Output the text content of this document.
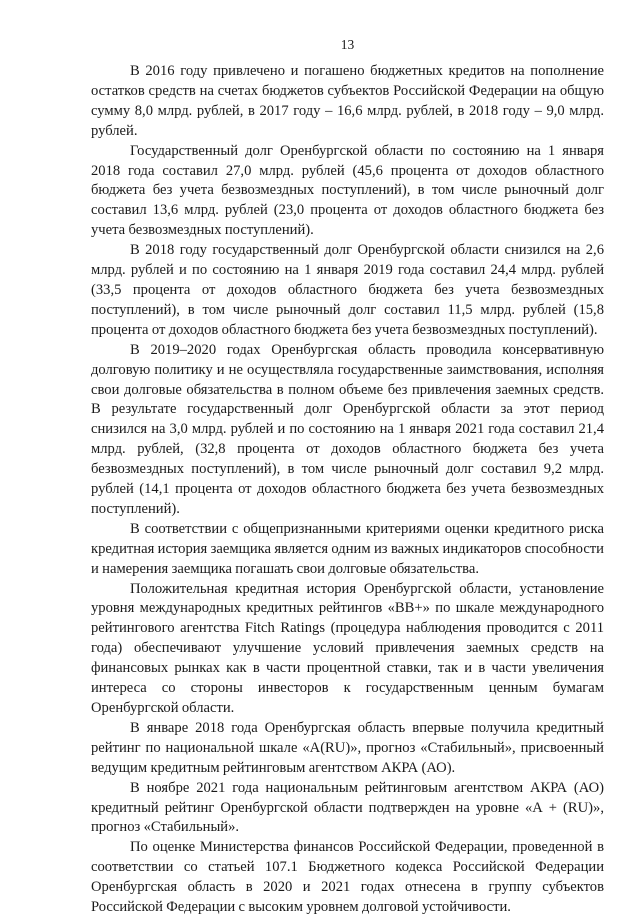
13

В 2016 году привлечено и погашено бюджетных кредитов на пополнение остатков средств на счетах бюджетов субъектов Российской Федерации на общую сумму 8,0 млрд. рублей, в 2017 году – 16,6 млрд. рублей, в 2018 году – 9,0 млрд. рублей.

Государственный долг Оренбургской области по состоянию на 1 января 2018 года составил 27,0 млрд. рублей (45,6 процента от доходов областного бюджета без учета безвозмездных поступлений), в том числе рыночный долг составил 13,6 млрд. рублей (23,0 процента от доходов областного бюджета без учета безвозмездных поступлений).

В 2018 году государственный долг Оренбургской области снизился на 2,6 млрд. рублей и по состоянию на 1 января 2019 года составил 24,4 млрд. рублей (33,5 процента от доходов областного бюджета без учета безвозмездных поступлений), в том числе рыночный долг составил 11,5 млрд. рублей (15,8 процента от доходов областного бюджета без учета безвозмездных поступлений).

В 2019–2020 годах Оренбургская область проводила консервативную долговую политику и не осуществляла государственные заимствования, исполняя свои долговые обязательства в полном объеме без привлечения заемных средств. В результате государственный долг Оренбургской области за этот период снизился на 3,0 млрд. рублей и по состоянию на 1 января 2021 года составил 21,4 млрд. рублей, (32,8 процента от доходов областного бюджета без учета безвозмездных поступлений), в том числе рыночный долг составил 9,2 млрд. рублей (14,1 процента от доходов областного бюджета без учета безвозмездных поступлений).

В соответствии с общепризнанными критериями оценки кредитного риска кредитная история заемщика является одним из важных индикаторов способности и намерения заемщика погашать свои долговые обязательства.

Положительная кредитная история Оренбургской области, установление уровня международных кредитных рейтингов «BB+» по шкале международного рейтингового агентства Fitch Ratings (процедура наблюдения проводится с 2011 года) обеспечивают улучшение условий привлечения заемных средств на финансовых рынках как в части процентной ставки, так и в части увеличения интереса со стороны инвесторов к государственным ценным бумагам Оренбургской области.

В январе 2018 года Оренбургская область впервые получила кредитный рейтинг по национальной шкале «А(RU)», прогноз «Стабильный», присвоенный ведущим кредитным рейтинговым агентством АКРА (АО).

В ноябре 2021 года национальным рейтинговым агентством АКРА (АО) кредитный рейтинг Оренбургской области подтвержден на уровне «А + (RU)», прогноз «Стабильный».

По оценке Министерства финансов Российской Федерации, проведенной в соответствии со статьей 107.1 Бюджетного кодекса Российской Федерации Оренбургская область в 2020 и 2021 годах отнесена в группу субъектов Российской Федерации с высоким уровнем долговой устойчивости.
